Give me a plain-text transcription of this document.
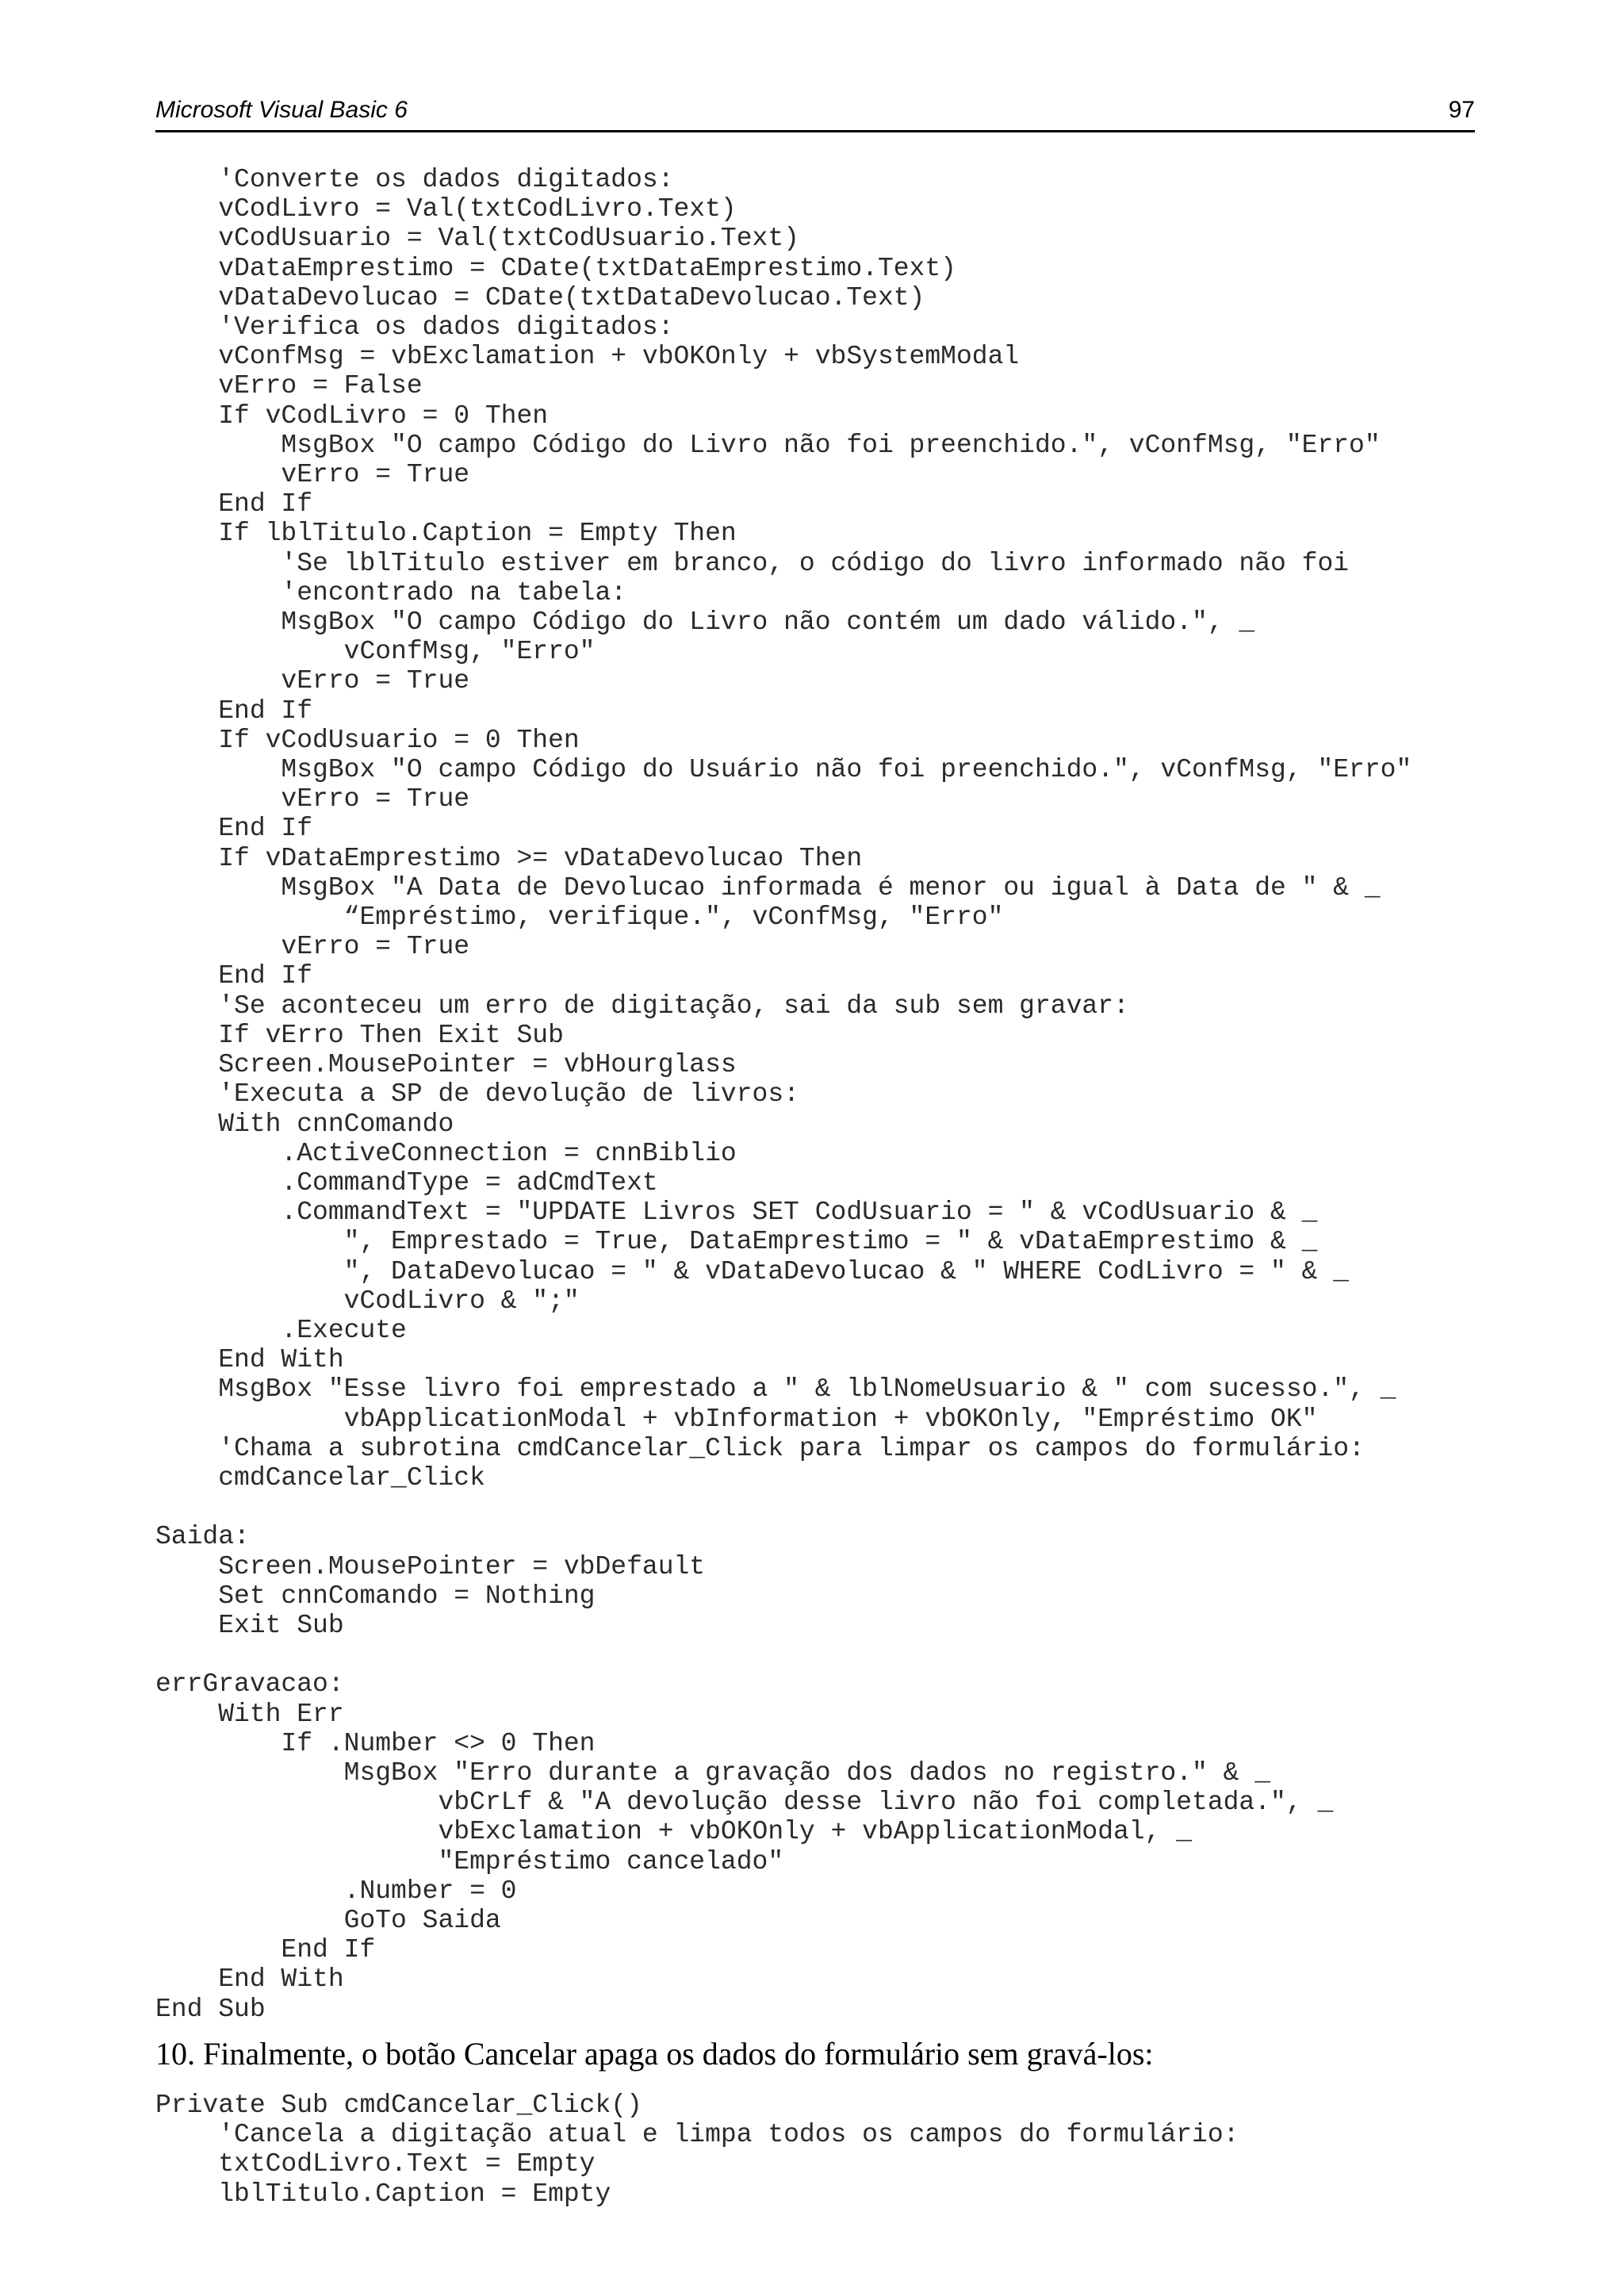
Microsoft Visual Basic 6	97
'Converte os dados digitados:
vCodLivro = Val(txtCodLivro.Text)
vCodUsuario = Val(txtCodUsuario.Text)
vDataEmprestimo = CDate(txtDataEmprestimo.Text)
vDataDevolucao = CDate(txtDataDevolucao.Text)
'Verifica os dados digitados:
vConfMsg = vbExclamation + vbOKOnly + vbSystemModal
vErro = False
If vCodLivro = 0 Then
MsgBox "O campo Código do Livro não foi preenchido.", vConfMsg, "Erro"
vErro = True
End If
If lblTitulo.Caption = Empty Then
'Se lblTitulo estiver em branco, o código do livro informado não foi
'encontrado na tabela:
MsgBox "O campo Código do Livro não contém um dado válido.", _
vConfMsg, "Erro"
vErro = True
End If
If vCodUsuario = 0 Then
MsgBox "O campo Código do Usuário não foi preenchido.", vConfMsg, "Erro"
vErro = True
End If
If vDataEmprestimo >= vDataDevolucao Then
MsgBox "A Data de Devolucao informada é menor ou igual à Data de " & _
“Empréstimo, verifique.", vConfMsg, "Erro"
vErro = True
End If
'Se aconteceu um erro de digitação, sai da sub sem gravar:
If vErro Then Exit Sub
Screen.MousePointer = vbHourglass
'Executa a SP de devolução de livros:
With cnnComando
.ActiveConnection = cnnBiblio
.CommandType = adCmdText
.CommandText = "UPDATE Livros SET CodUsuario = " & vCodUsuario & _
", Emprestado = True, DataEmprestimo = " & vDataEmprestimo & _
", DataDevolucao = " & vDataDevolucao & " WHERE CodLivro = " & _
vCodLivro & ";"
.Execute
End With
MsgBox "Esse livro foi emprestado a " & lblNomeUsuario & " com sucesso.", _
vbApplicationModal + vbInformation + vbOKOnly, "Empréstimo OK"
'Chama a subrotina cmdCancelar_Click para limpar os campos do formulário:
cmdCancelar_Click

Saida:
Screen.MousePointer = vbDefault
Set cnnComando = Nothing
Exit Sub

errGravacao:
With Err
If .Number <> 0 Then
MsgBox "Erro durante a gravação dos dados no registro." & _
vbCrLf & "A devolução desse livro não foi completada.", _
vbExclamation + vbOKOnly + vbApplicationModal, _
"Empréstimo cancelado"
.Number = 0
GoTo Saida
End If
End With
End Sub
10. Finalmente, o botão Cancelar apaga os dados do formulário sem gravá-los:
Private Sub cmdCancelar_Click()
'Cancela a digitação atual e limpa todos os campos do formulário:
txtCodLivro.Text = Empty
lblTitulo.Caption = Empty
